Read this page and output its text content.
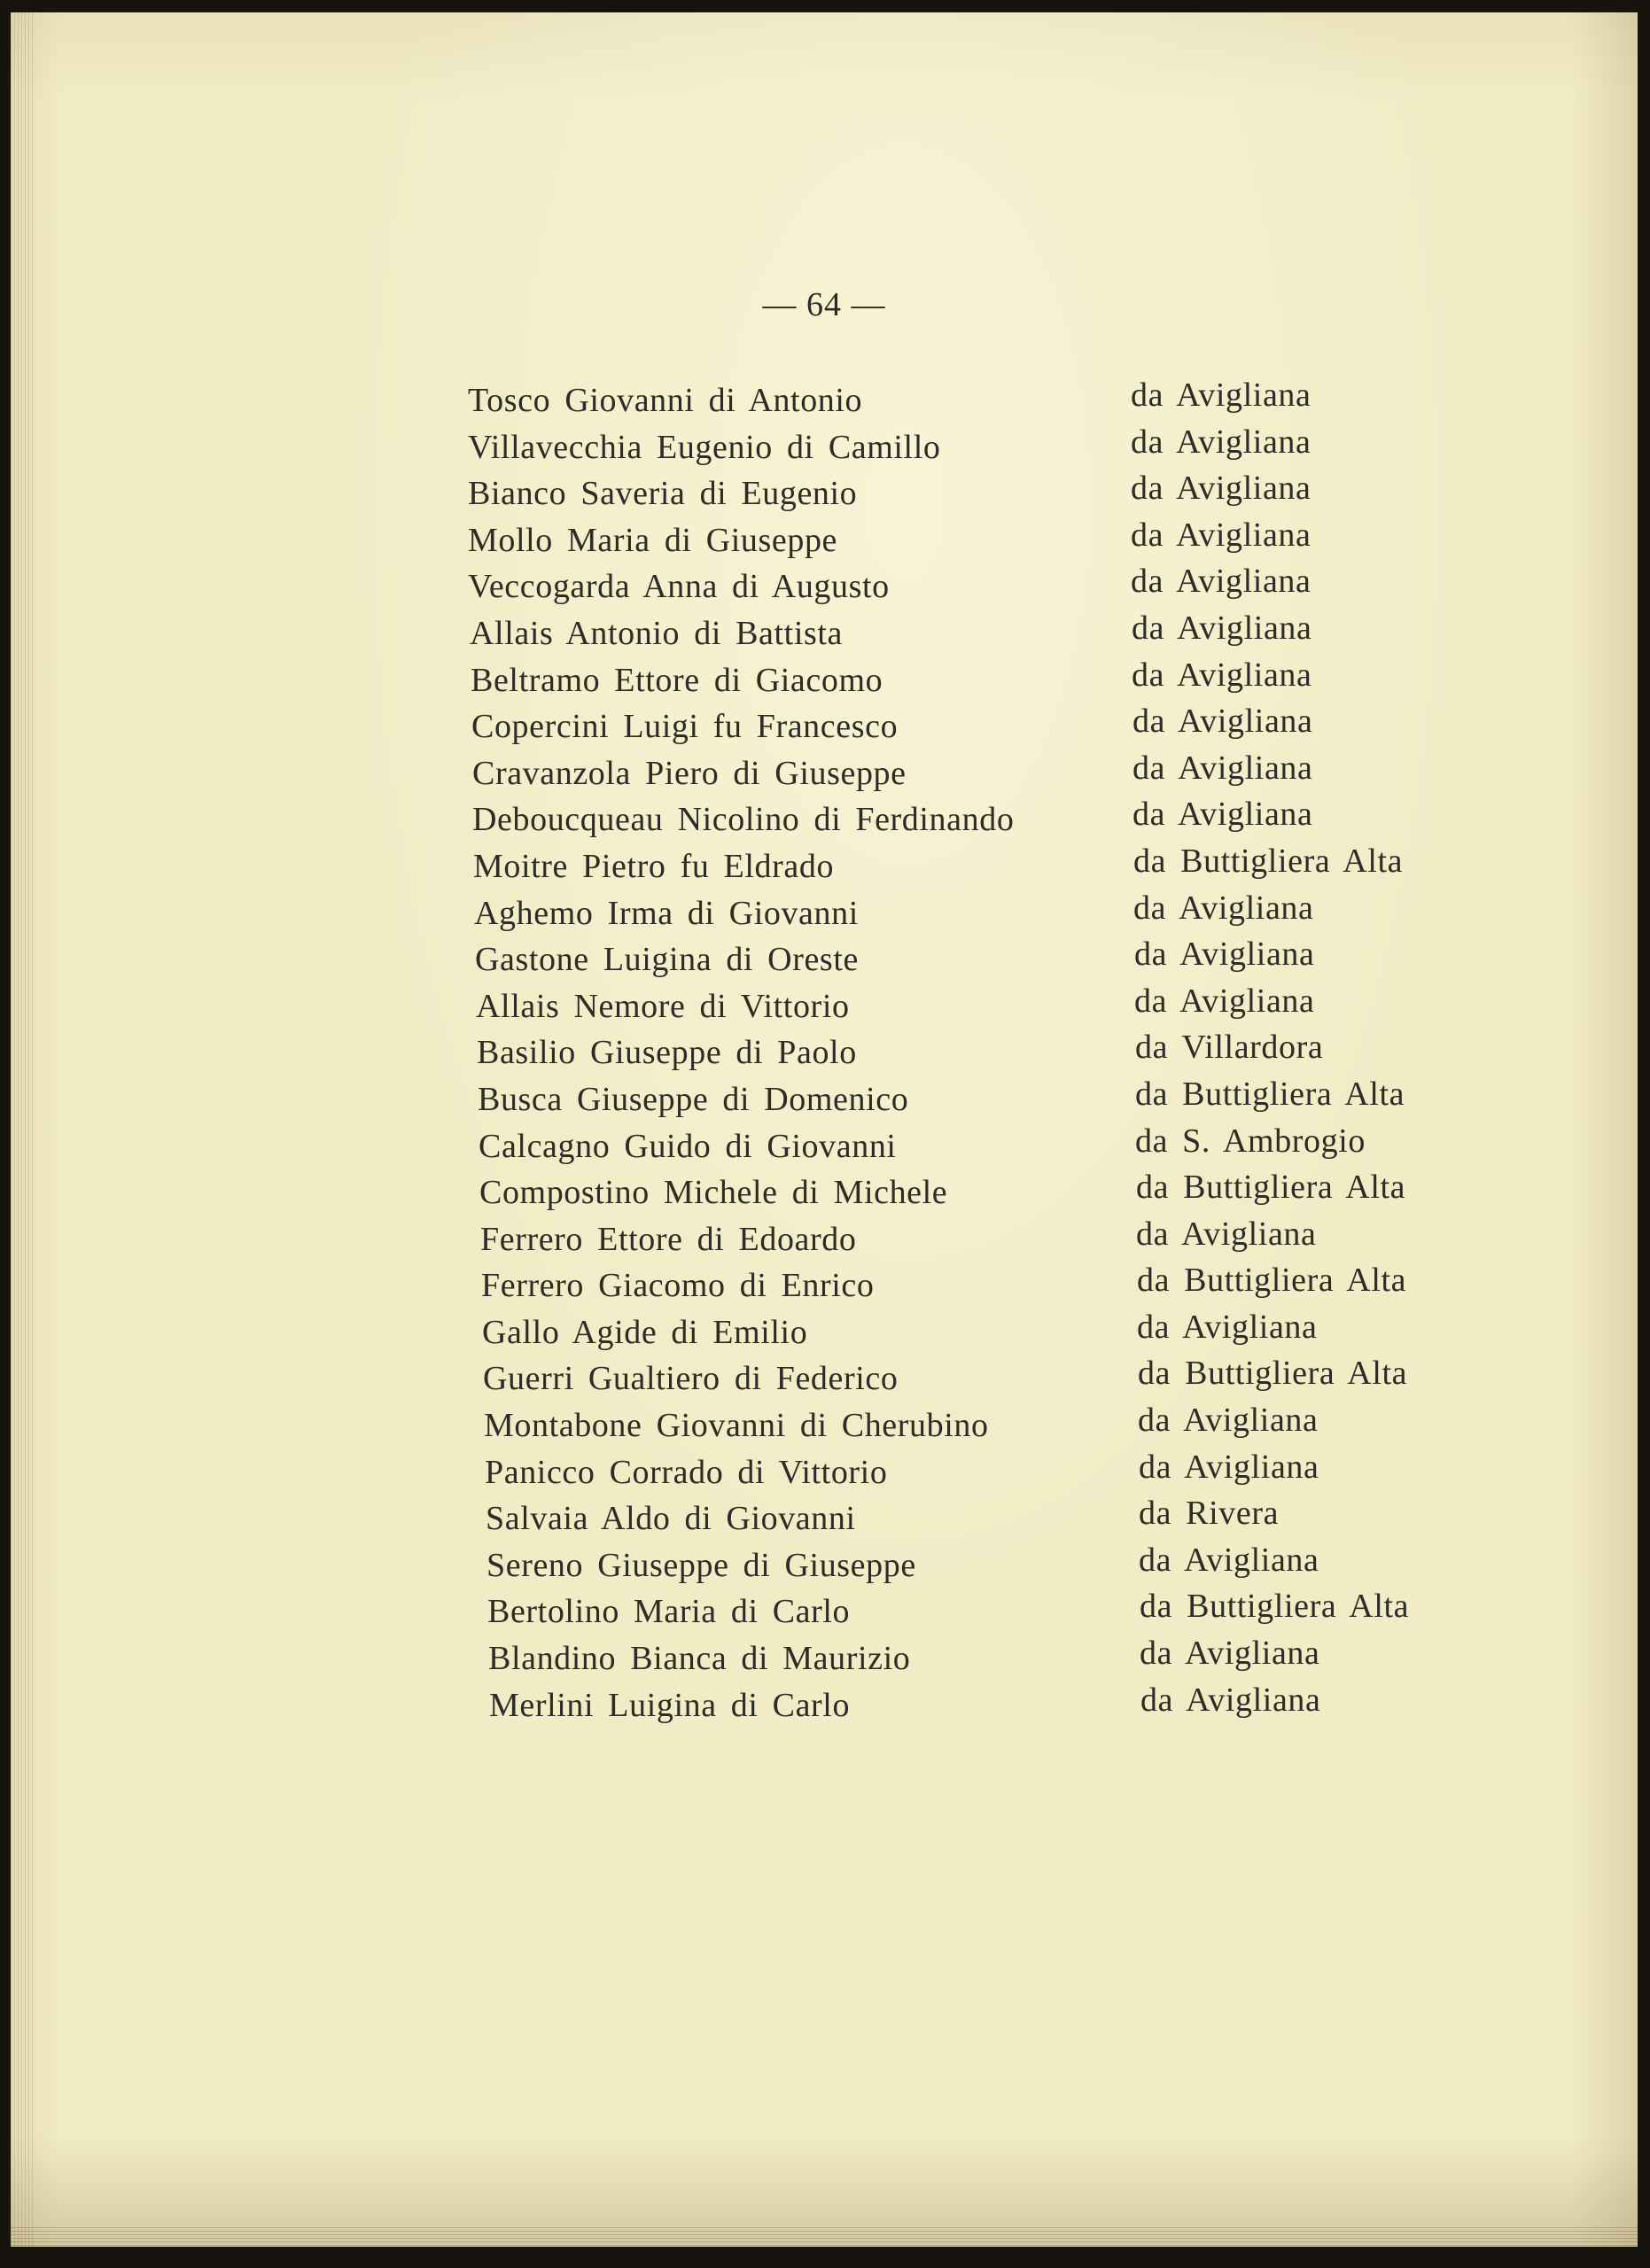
— 64 —
Tosco Giovanni di Antonio	da Avigliana
Villavecchia Eugenio di Camillo	da Avigliana
Bianco Saveria di Eugenio	da Avigliana
Mollo Maria di Giuseppe	da Avigliana
Veccogarda Anna di Augusto	da Avigliana
Allais Antonio di Battista	da Avigliana
Beltramo Ettore di Giacomo	da Avigliana
Copercini Luigi fu Francesco	da Avigliana
Cravanzola Piero di Giuseppe	da Avigliana
Deboucqueau Nicolino di Ferdinando	da Avigliana
Moitre Pietro fu Eldrado	da Buttigliera Alta
Aghemo Irma di Giovanni	da Avigliana
Gastone Luigina di Oreste	da Avigliana
Allais Nemore di Vittorio	da Avigliana
Basilio Giuseppe di Paolo	da Villardora
Busca Giuseppe di Domenico	da Buttigliera Alta
Calcagno Guido di Giovanni	da S. Ambrogio
Compostino Michele di Michele	da Buttigliera Alta
Ferrero Ettore di Edoardo	da Avigliana
Ferrero Giacomo di Enrico	da Buttigliera Alta
Gallo Agide di Emilio	da Avigliana
Guerri Gualtiero di Federico	da Buttigliera Alta
Montabone Giovanni di Cherubino	da Avigliana
Panicco Corrado di Vittorio	da Avigliana
Salvaia Aldo di Giovanni	da Rivera
Sereno Giuseppe di Giuseppe	da Avigliana
Bertolino Maria di Carlo	da Buttigliera Alta
Blandino Bianca di Maurizio	da Avigliana
Merlini Luigina di Carlo	da Avigliana
